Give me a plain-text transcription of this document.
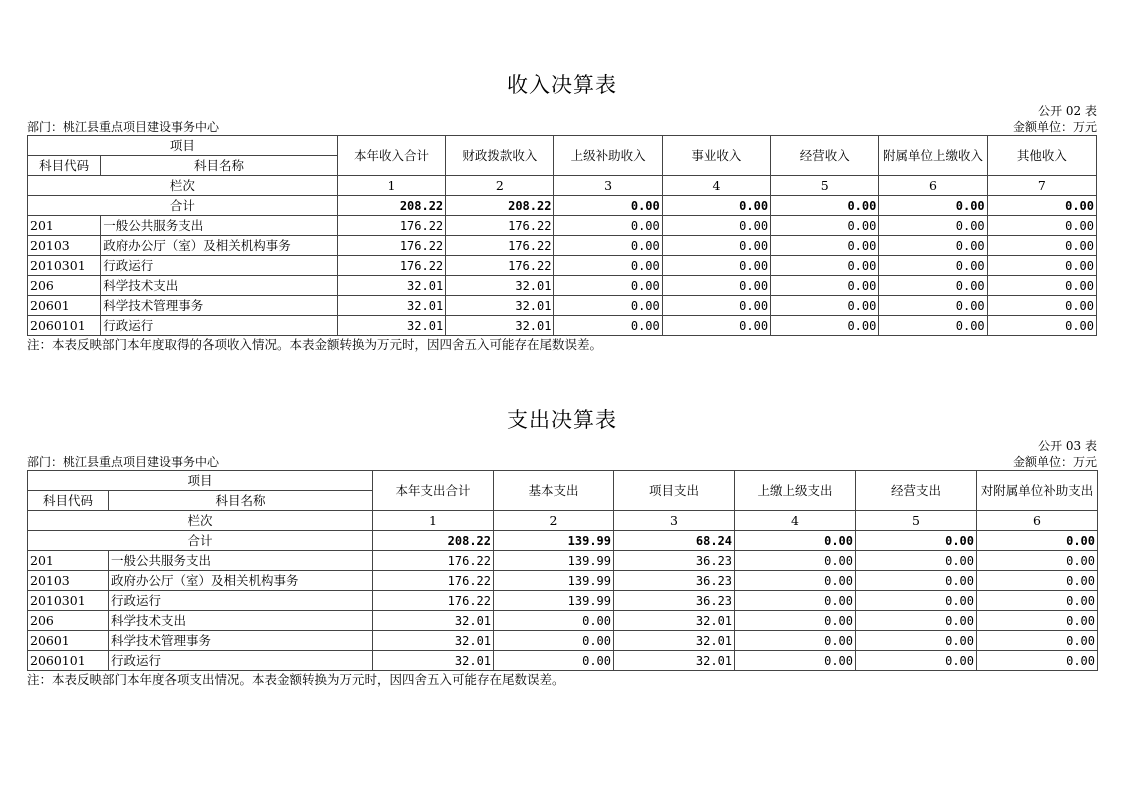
收入决算表
公开 02 表
部门：桃江县重点项目建设事务中心	金额单位：万元
项目		本年收入合计	财政拨款收入	上级补助收入	事业收入	经营收入	附属单位上缴收入	其他收入
科目代码	科目名称							
栏次		1	2	3	4	5	6	7
合计		208.22	208.22	0.00	0.00	0.00	0.00	0.00
201	一般公共服务支出	176.22	176.22	0.00	0.00	0.00	0.00	0.00
20103	政府办公厅（室）及相关机构事务	176.22	176.22	0.00	0.00	0.00	0.00	0.00
2010301	行政运行	176.22	176.22	0.00	0.00	0.00	0.00	0.00
206	科学技术支出	32.01	32.01	0.00	0.00	0.00	0.00	0.00
20601	科学技术管理事务	32.01	32.01	0.00	0.00	0.00	0.00	0.00
2060101	行政运行	32.01	32.01	0.00	0.00	0.00	0.00	0.00
注：本表反映部门本年度取得的各项收入情况。本表金额转换为万元时，因四舍五入可能存在尾数误差。
支出决算表
公开 03 表
部门：桃江县重点项目建设事务中心	金额单位：万元
项目		本年支出合计	基本支出	项目支出	上缴上级支出	经营支出	对附属单位补助支出
科目代码	科目名称						
栏次		1	2	3	4	5	6
合计		208.22	139.99	68.24	0.00	0.00	0.00
201	一般公共服务支出	176.22	139.99	36.23	0.00	0.00	0.00
20103	政府办公厅（室）及相关机构事务	176.22	139.99	36.23	0.00	0.00	0.00
2010301	行政运行	176.22	139.99	36.23	0.00	0.00	0.00
206	科学技术支出	32.01	0.00	32.01	0.00	0.00	0.00
20601	科学技术管理事务	32.01	0.00	32.01	0.00	0.00	0.00
2060101	行政运行	32.01	0.00	32.01	0.00	0.00	0.00
注：本表反映部门本年度各项支出情况。本表金额转换为万元时，因四舍五入可能存在尾数误差。
